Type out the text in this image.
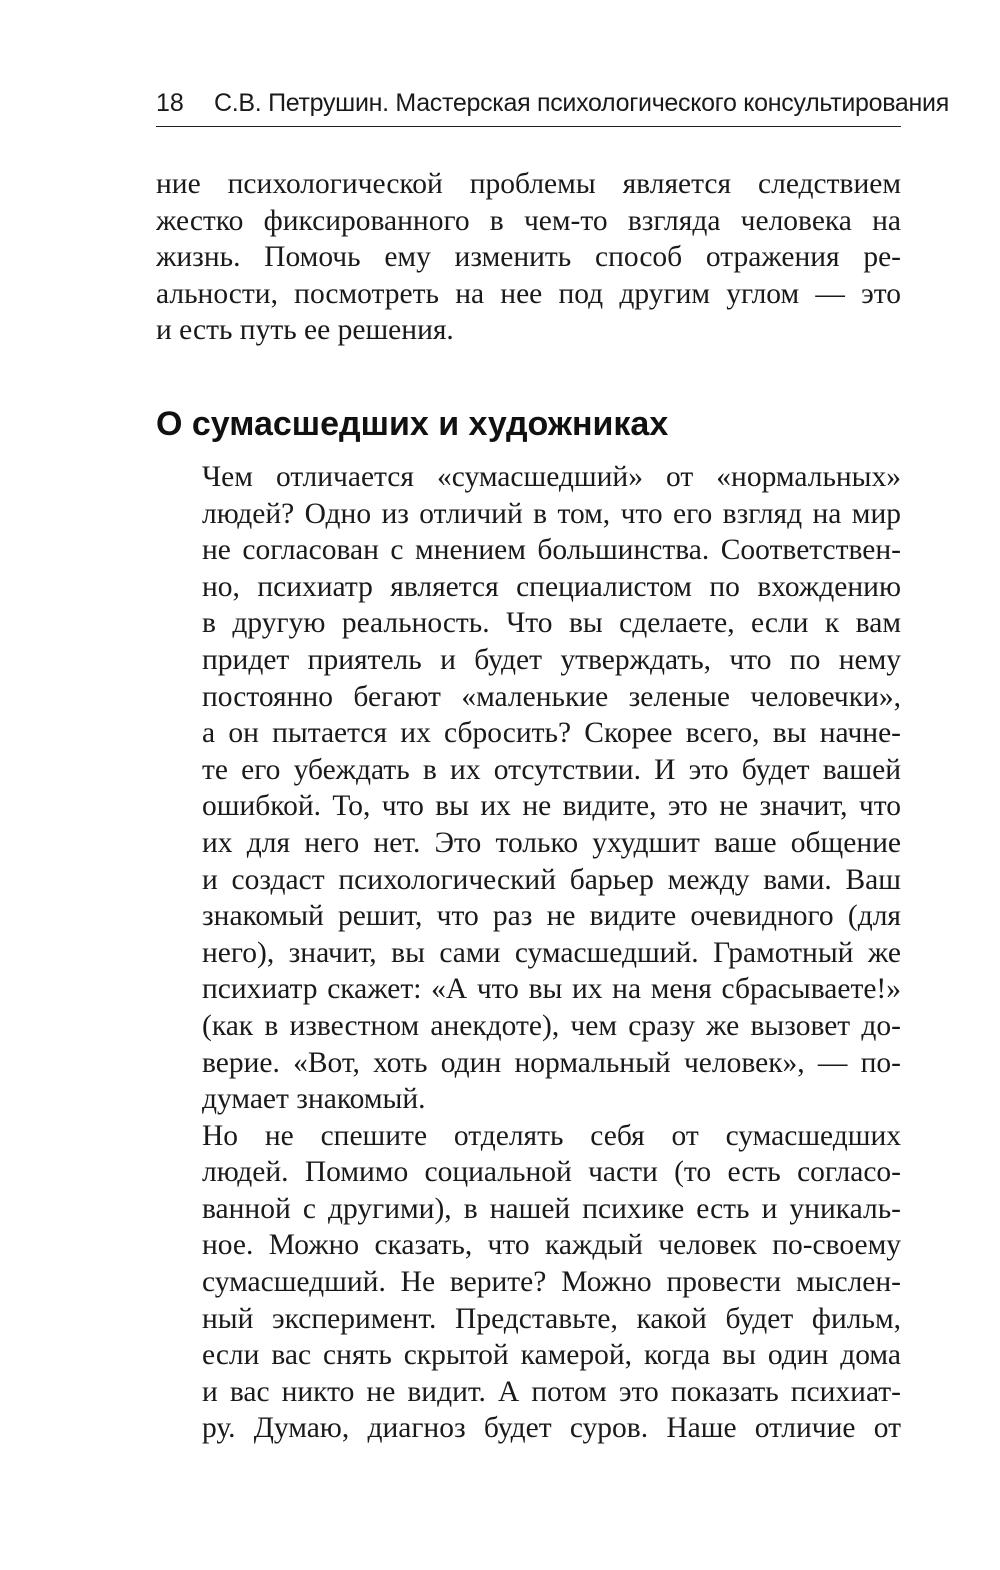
18 С.В. Петрушин. Мастерская психологического консультирования

ние психологической проблемы является следствием
жестко фиксированного в чем-то взгляда человека на
жизнь. Помочь ему изменить способ отражения ре-
альности, посмотреть на нее под другим углом — это
и есть путь ее решения.

О сумасшедших и художниках

Чем отличается «сумасшедший» от «нормальных»
людей? Одно из отличий в том, что его взгляд на мир
не согласован с мнением большинства. Соответствен-
но, психиатр является специалистом по вхождению
в другую реальность. Что вы сделаете, если к вам
придет приятель и будет утверждать, что по нему
постоянно бегают «маленькие зеленые человечки»,
а он пытается их сбросить? Скорее всего, вы начне-
те его убеждать в их отсутствии. И это будет вашей
ошибкой. То, что вы их не видите, это не значит, что
их для него нет. Это только ухудшит ваше общение
и создаст психологический барьер между вами. Ваш
знакомый решит, что раз не видите очевидного (для
него), значит, вы сами сумасшедший. Грамотный же
психиатр скажет: «А что вы их на меня сбрасываете!»
(как в известном анекдоте), чем сразу же вызовет до-
верие. «Вот, хоть один нормальный человек», — по-
думает знакомый.

Но не спешите отделять себя от сумасшедших
людей. Помимо социальной части (то есть согласо-
ванной с другими), в нашей психике есть и уникаль-
ное. Можно сказать, что каждый человек по-своему
сумасшедший. Не верите? Можно провести мыслен-
ный эксперимент. Представьте, какой будет фильм,
если вас снять скрытой камерой, когда вы один дома
и вас никто не видит. А потом это показать психиат-
ру. Думаю, диагноз будет суров. Наше отличие от
